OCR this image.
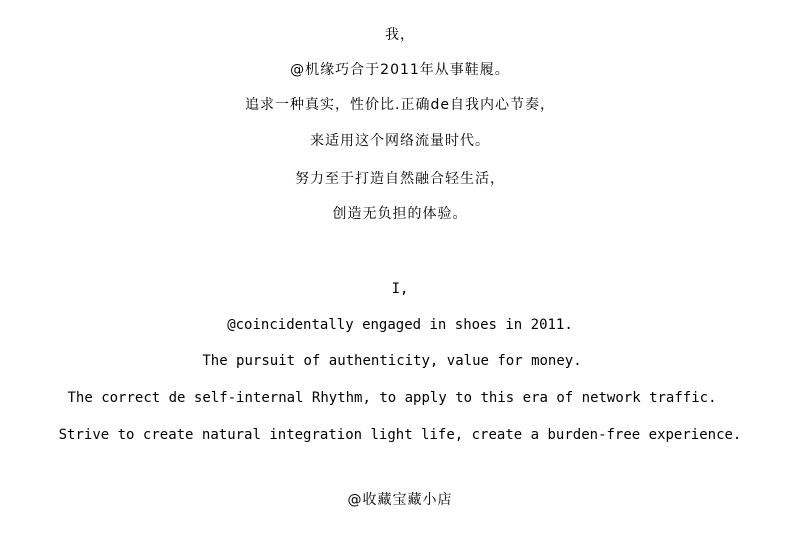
我，
@机缘巧合于2011年从事鞋履。
追求一种真实，性价比.正确de自我内心节奏，
来适用这个网络流量时代。
努力至于打造自然融合轻生活，
创造无负担的体验。
I,
@coincidentally engaged in shoes in 2011.
The pursuit of authenticity, value for money.
The correct de self-internal Rhythm, to apply to this era of network traffic.
Strive to create natural integration light life, create a burden-free experience.
@收藏宝藏小店
